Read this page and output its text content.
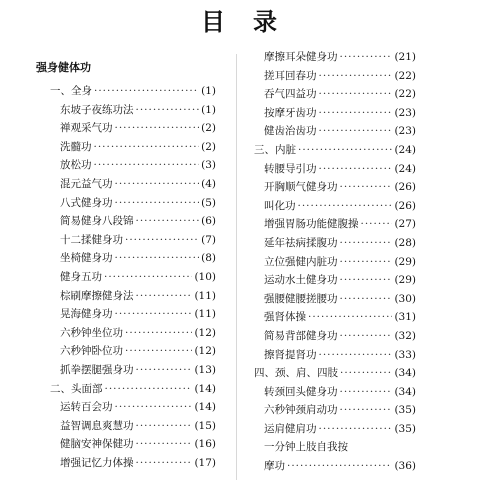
目　录
强身健体功
一、全身 ·····	(1)
东坡子夜练功法 ·····	(1)
禅观采气功 ·····	(2)
洗髓功 ·····	(2)
放松功 ·····	(3)
混元益气功 ·····	(4)
八式健身功 ·····	(5)
简易健身八段锦 ·····	(6)
十二揉健身功 ·····	(7)
坐椅健身功 ·····	(8)
健身五功 ·····	(10)
棕刷摩擦健身法 ·····	(11)
晃海健身功 ·····	(11)
六秒钟坐位功 ·····	(12)
六秒钟卧位功 ·····	(12)
抓拳摆腿强身功 ·····	(13)
二、头面部 ·····	(14)
运转百会功 ·····	(14)
益智调息爽慧功 ·····	(15)
健脑安神保健功 ·····	(16)
增强记忆力体操 ·····	(17)
摩擦耳朵健身功 ·····	(21)
搓耳回春功 ·····	(22)
吞气四益功 ·····	(22)
按摩牙齿功 ·····	(23)
健齿治齿功 ·····	(23)
三、内脏 ·····	(24)
转腰导引功 ·····	(24)
开胸顺气健身功 ·····	(26)
叫化功 ·····	(26)
增强胃肠功能健腹操 ·····	(27)
延年祛病揉腹功 ·····	(28)
立位强健内脏功 ·····	(29)
运动水土健身功 ·····	(29)
强腰健腰搓腰功 ·····	(30)
强肾体操 ·····	(31)
简易背部健身功 ·····	(32)
擦肾提肾功 ·····	(33)
四、颈、肩、四肢 ·····	(34)
转颈回头健身功 ·····	(34)
六秒钟颈肩动功 ·····	(35)
运肩健肩功 ·····	(35)
一分钟上肢自我按
摩功 ·····	(36)
